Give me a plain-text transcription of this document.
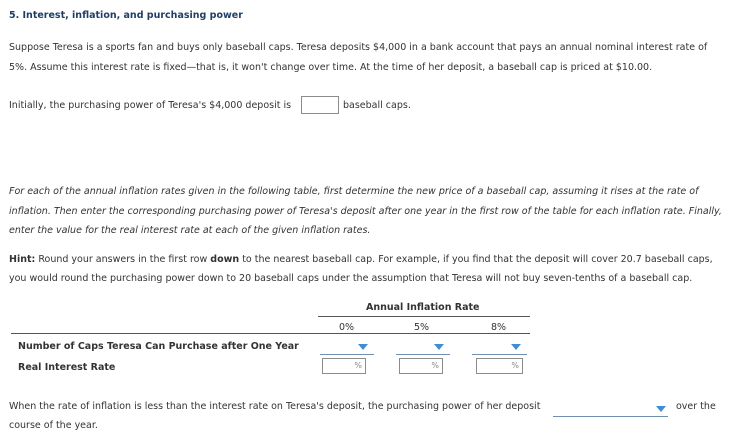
5. Interest, inflation, and purchasing power
Suppose Teresa is a sports fan and buys only baseball caps. Teresa deposits $4,000 in a bank account that pays an annual nominal interest rate of
5%. Assume this interest rate is fixed—that is, it won't change over time. At the time of her deposit, a baseball cap is priced at $10.00.
Initially, the purchasing power of Teresa's $4,000 deposit is	baseball caps.
For each of the annual inflation rates given in the following table, first determine the new price of a baseball cap, assuming it rises at the rate of
inflation. Then enter the corresponding purchasing power of Teresa's deposit after one year in the first row of the table for each inflation rate. Finally,
enter the value for the real interest rate at each of the given inflation rates.
Hint: Round your answers in the first row down to the nearest baseball cap. For example, if you find that the deposit will cover 20.7 baseball caps,
you would round the purchasing power down to 20 baseball caps under the assumption that Teresa will not buy seven-tenths of a baseball cap.
Annual Inflation Rate
0%	5%	8%
Number of Caps Teresa Can Purchase after One Year
Real Interest Rate	%	%	%
When the rate of inflation is less than the interest rate on Teresa's deposit, the purchasing power of her deposit	over the
course of the year.
